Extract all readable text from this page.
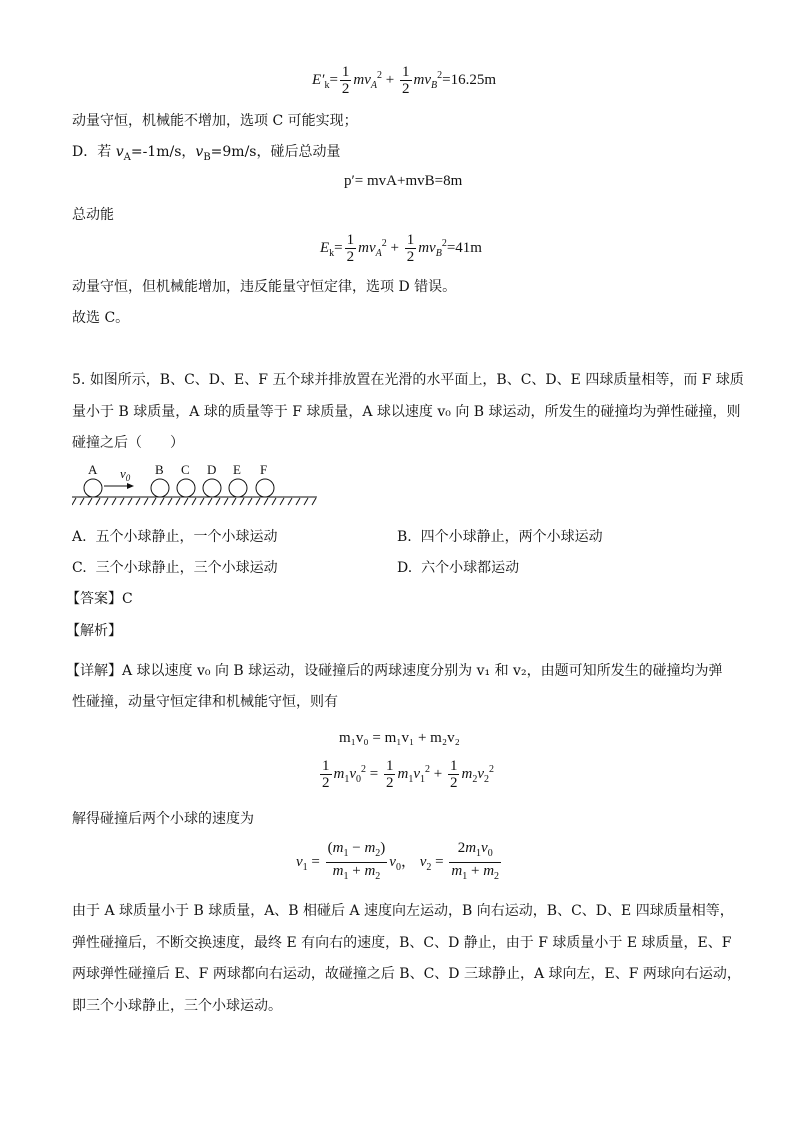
$E'_k= \frac{1}{2} mv_A^2 + \frac{1}{2} mv_B^2=16.25m$
动量守恒，机械能不增加，选项 C 可能实现；
D．若 $v_A=-1m/s$，$v_B=9m/s$，碰后总动量
p′= mvA+mvB=8m
总动能
$E_k= \frac{1}{2} mv_A^2 + \frac{1}{2} mv_B^2=41m$
动量守恒，但机械能增加，违反能量守恒定律，选项 D 错误。
故选 C。
5. 如图所示，B、C、D、E、F 五个球并排放置在光滑的水平面上，B、C、D、E 四球质量相等，而 F 球质
量小于 B 球质量，A 球的质量等于 F 球质量，A 球以速度 v₀ 向 B 球运动，所发生的碰撞均为弹性碰撞，则
碰撞之后（　　）
A	B C D E F
$v_0$
A. 五个小球静止，一个小球运动	B. 四个小球静止，两个小球运动
C. 三个小球静止，三个小球运动	D. 六个小球都运动
【答案】C
【解析】
【详解】A 球以速度 v₀ 向 B 球运动，设碰撞后的两球速度分别为 v₁ 和 v₂，由题可知所发生的碰撞均为弹
性碰撞，动量守恒定律和机械能守恒，则有
m₁v₀ = m₁v₁ + m₂v₂
$\frac{1}{2} m_1v_0^2 = \frac{1}{2} m_1v_1^2 + \frac{1}{2} m_2v_2^2$
解得碰撞后两个小球的速度为
$v_1 = \frac{(m_1 - m_2)}{m_1 + m_2} v_0$， $v_2 = \frac{2m_1v_0}{m_1 + m_2}$
由于 A 球质量小于 B 球质量，A、B 相碰后 A 速度向左运动，B 向右运动，B、C、D、E 四球质量相等，
弹性碰撞后，不断交换速度，最终 E 有向右的速度，B、C、D 静止，由于 F 球质量小于 E 球质量，E、F
两球弹性碰撞后 E、F 两球都向右运动，故碰撞之后 B、C、D 三球静止，A 球向左，E、F 两球向右运动，
即三个小球静止，三个小球运动。
